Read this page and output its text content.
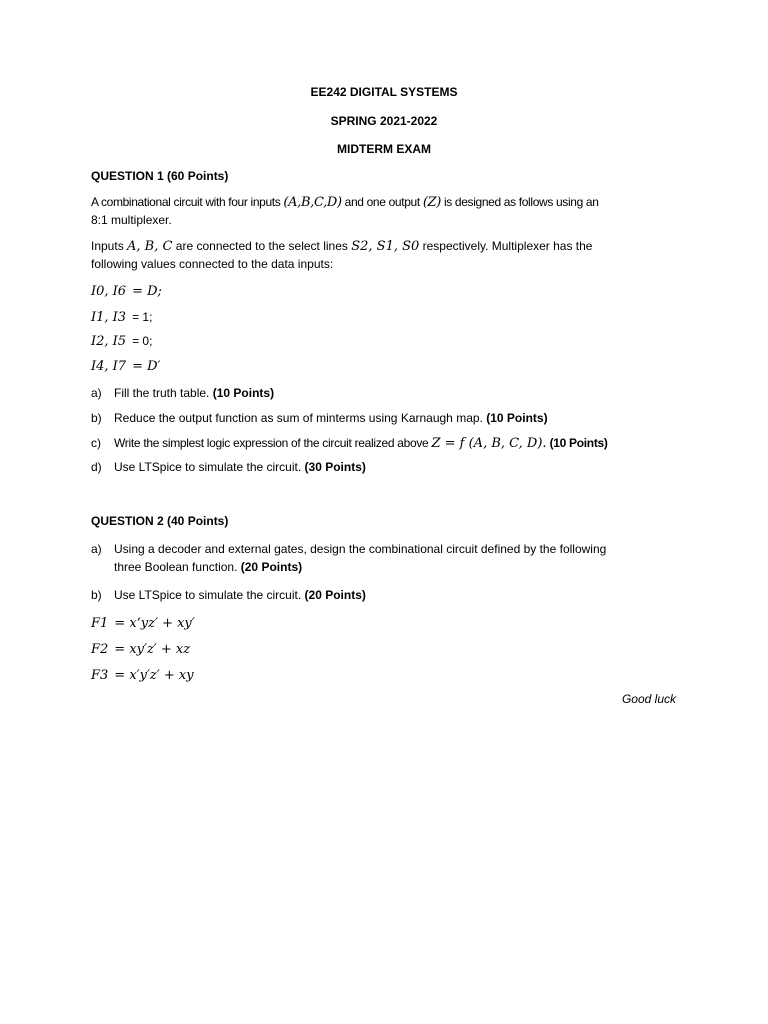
EE242 DIGITAL SYSTEMS
SPRING 2021-2022
MIDTERM EXAM
QUESTION 1 (60 Points)
A combinational circuit with four inputs (A,B,C,D) and one output (Z) is designed as follows using an
8:1 multiplexer.
Inputs A, B, C are connected to the select lines S2, S1, S0 respectively. Multiplexer has the
following values connected to the data inputs:
I0, I6 = D;
I1, I3 = 1;
I2, I5 = 0;
I4, I7 = D′
a)	Fill the truth table. (10 Points)
b)	Reduce the output function as sum of minterms using Karnaugh map. (10 Points)
c)	Write the simplest logic expression of the circuit realized above Z = f (A, B, C, D). (10 Points)
d)	Use LTSpice to simulate the circuit. (30 Points)
QUESTION 2 (40 Points)
a)	Using a decoder and external gates, design the combinational circuit defined by the following
three Boolean function. (20 Points)
b)	Use LTSpice to simulate the circuit. (20 Points)
F1 = x‘yz′ + xy′
F2 = xy′z′ + xz
F3 = x′y′z′ + xy
Good luck
